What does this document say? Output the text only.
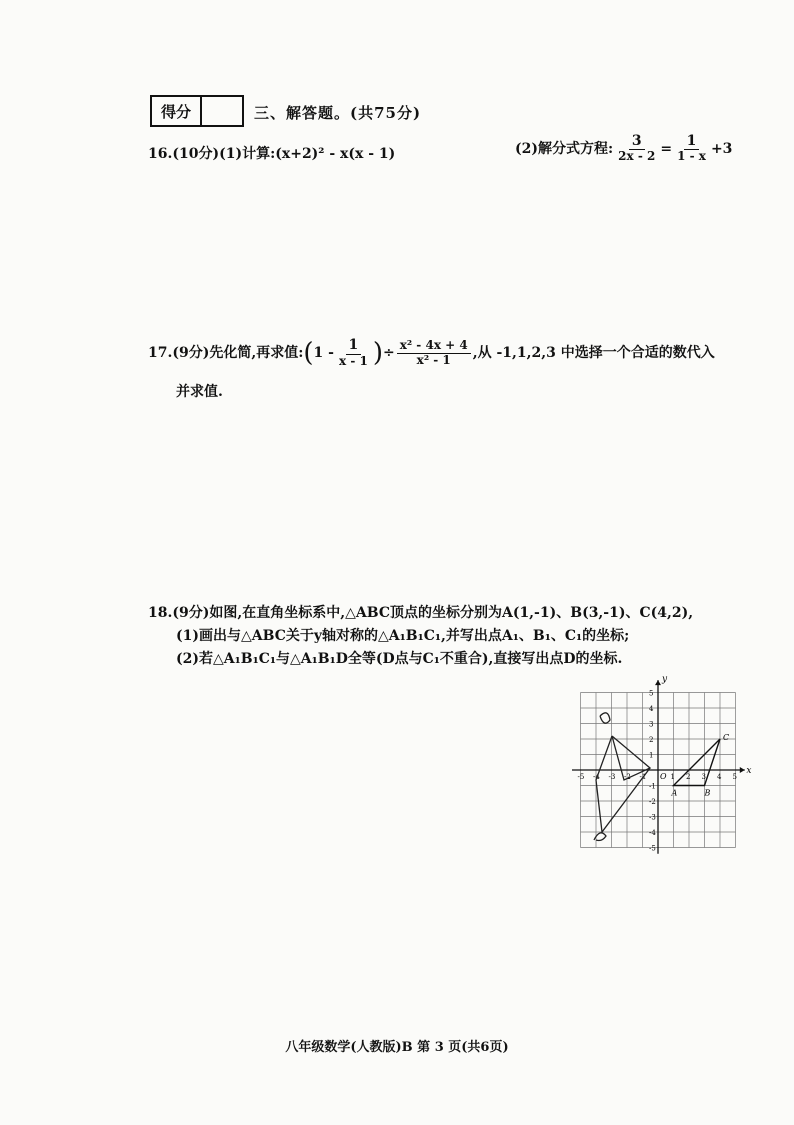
得分	三、解答题。(共75分)
16.(10分)(1)计算:(x+2)² - x(x - 1)	(2)解分式方程: $\frac{3}{2x - 2} = \frac{1}{1 - x} +3$
17.(9分)先化简,再求值:(1 - $\frac{1}{x - 1}$ )÷ $\frac{\text{x² - 4x + 4}}{\text{x² - 1}}$ ,从 -1,1,2,3 中选择一个合适的数代入
并求值.
18.(9分)如图,在直角坐标系中,△ABC顶点的坐标分别为A(1,-1)、B(3,-1)、C(4,2),
(1)画出与△ABC关于y轴对称的△A₁B₁C₁,并写出点A₁、B₁、C₁的坐标;
(2)若△A₁B₁C₁与△A₁B₁D全等(D点与C₁不重合),直接写出点D的坐标.
-5 -4 -3 -2 -1	1 2 3 4 5
5
4
3
2
1
-1
-2
-3
-4
-5
x
y
O
A	B
C
八年级数学(人教版)B 第 3 页(共6页)
